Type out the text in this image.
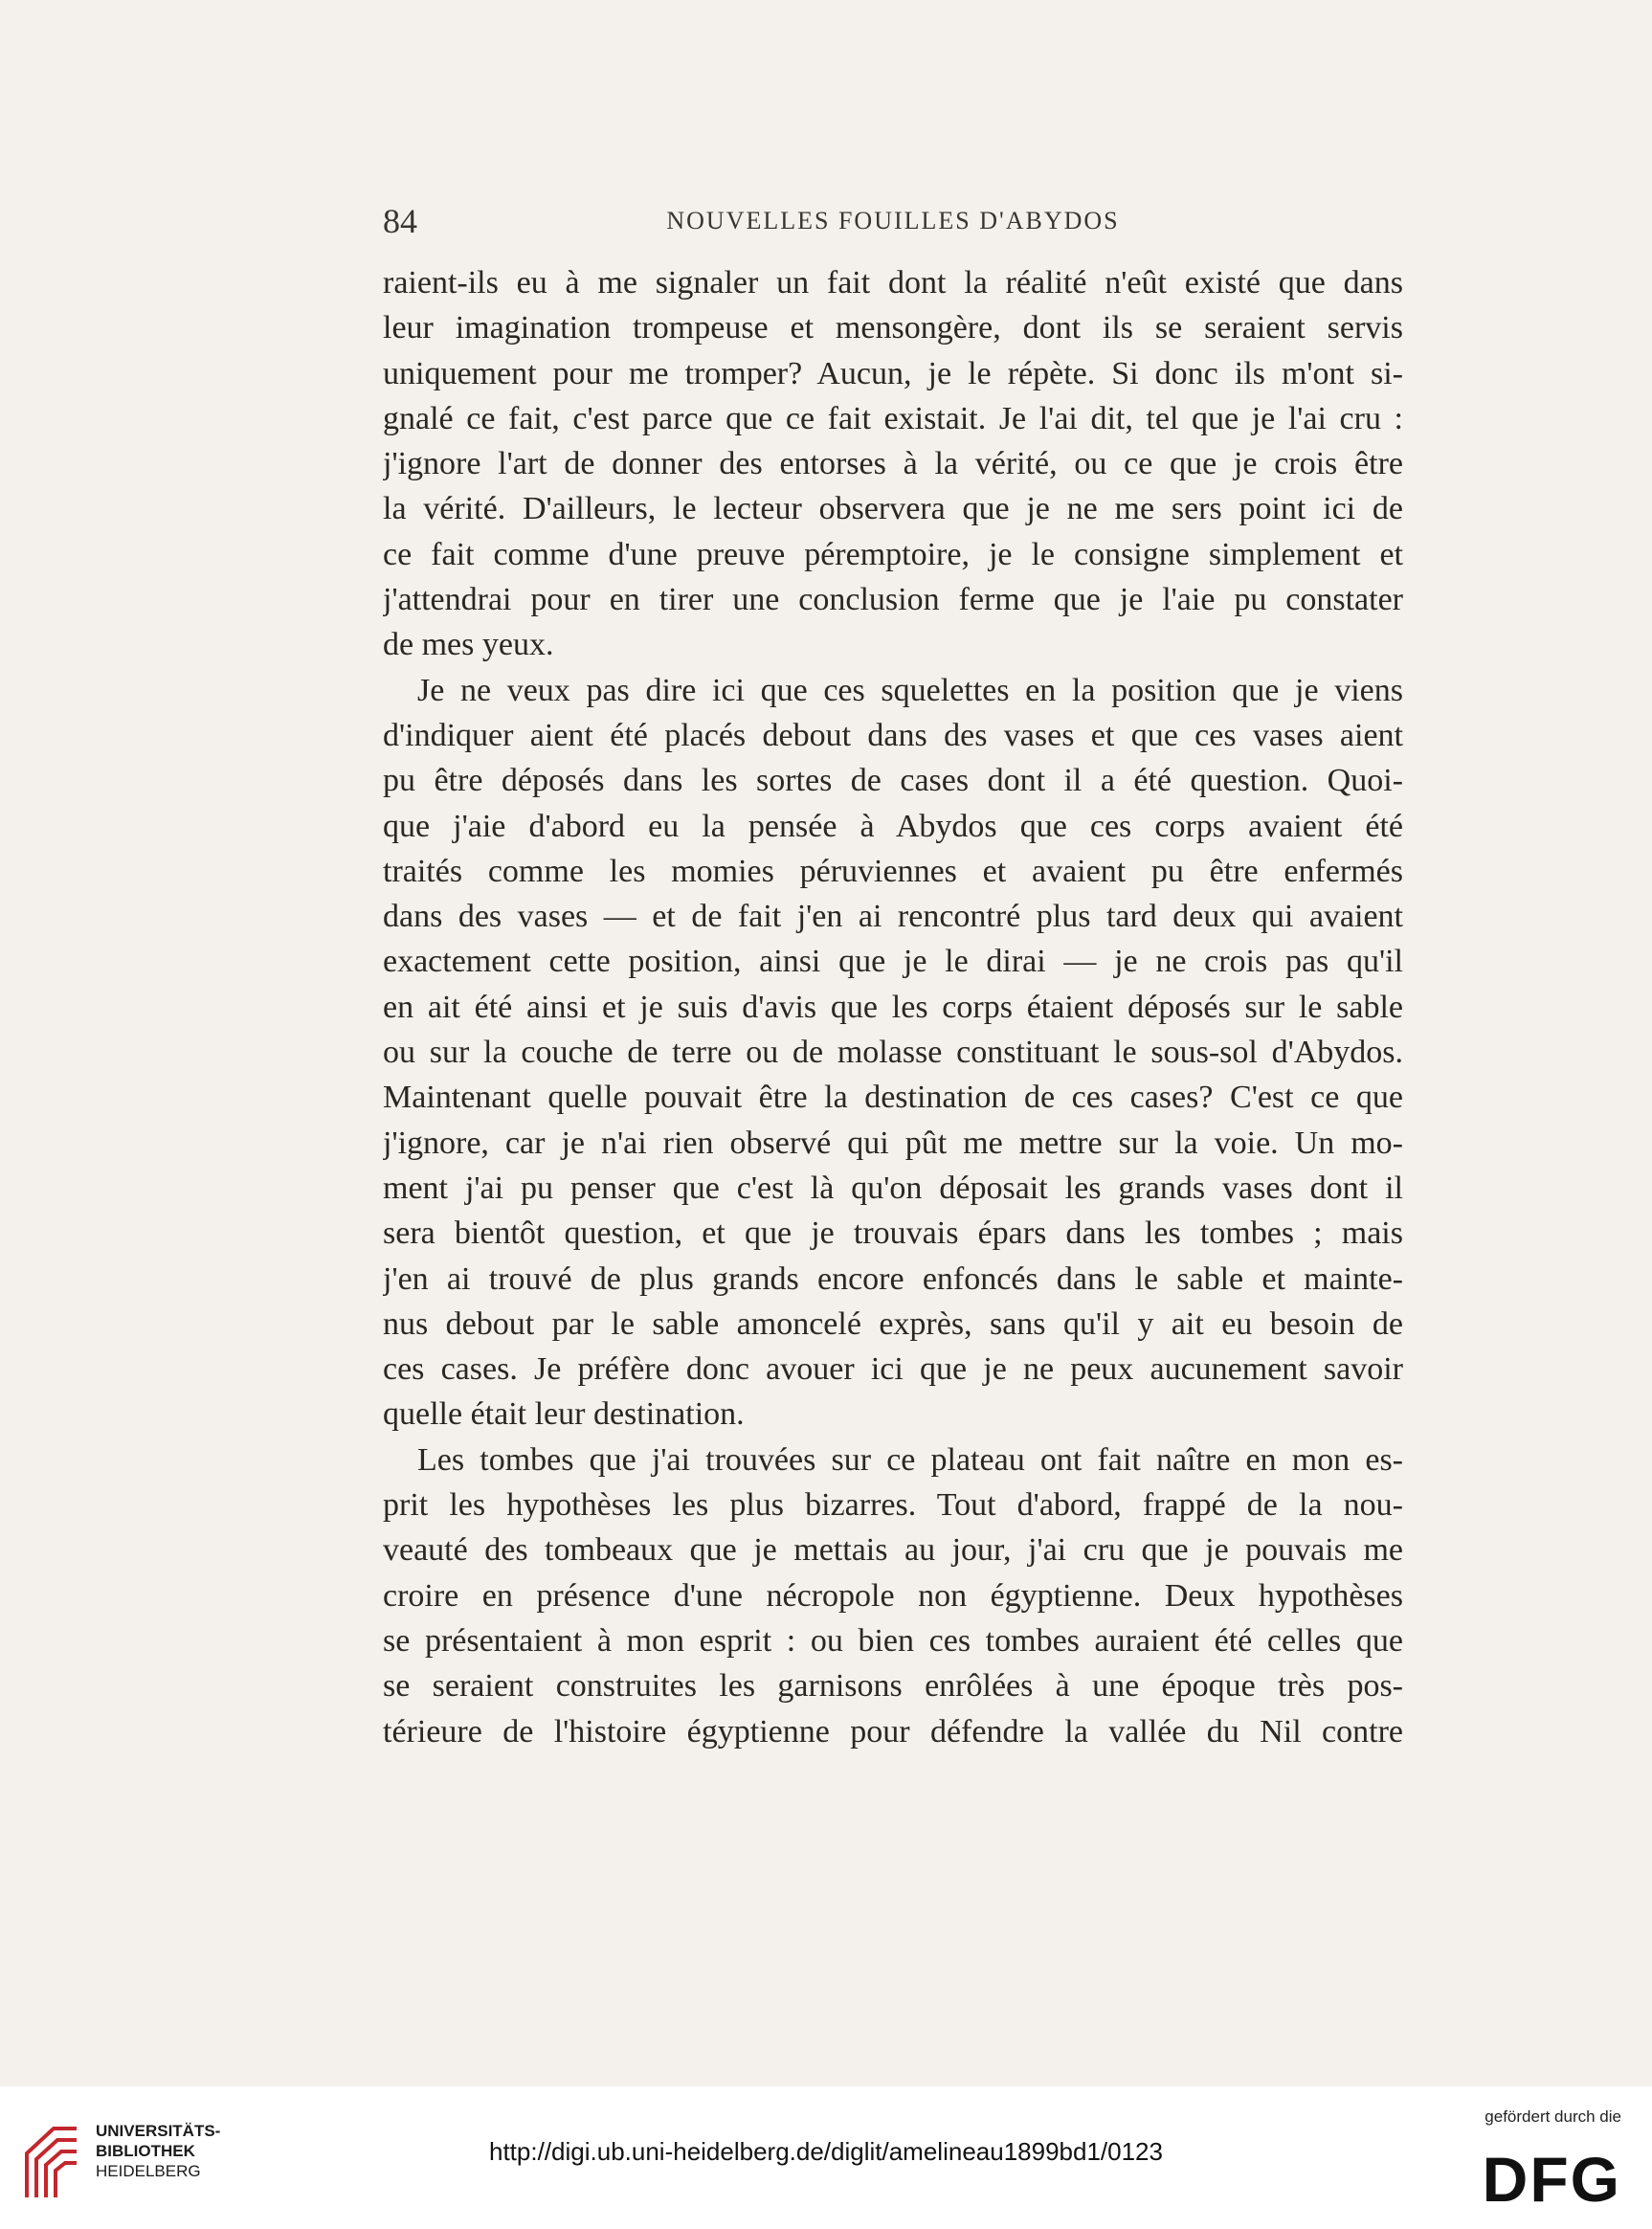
84	NOUVELLES FOUILLES D'ABYDOS
raient-ils eu à me signaler un fait dont la réalité n'eût existé que dans
leur imagination trompeuse et mensongère, dont ils se seraient servis
uniquement pour me tromper? Aucun, je le répète. Si donc ils m'ont si-
gnalé ce fait, c'est parce que ce fait existait. Je l'ai dit, tel que je l'ai cru :
j'ignore l'art de donner des entorses à la vérité, ou ce que je crois être
la vérité. D'ailleurs, le lecteur observera que je ne me sers point ici de
ce fait comme d'une preuve péremptoire, je le consigne simplement et
j'attendrai pour en tirer une conclusion ferme que je l'aie pu constater
de mes yeux.
Je ne veux pas dire ici que ces squelettes en la position que je viens
d'indiquer aient été placés debout dans des vases et que ces vases aient
pu être déposés dans les sortes de cases dont il a été question. Quoi-
que j'aie d'abord eu la pensée à Abydos que ces corps avaient été
traités comme les momies péruviennes et avaient pu être enfermés
dans des vases — et de fait j'en ai rencontré plus tard deux qui avaient
exactement cette position, ainsi que je le dirai — je ne crois pas qu'il
en ait été ainsi et je suis d'avis que les corps étaient déposés sur le sable
ou sur la couche de terre ou de molasse constituant le sous-sol d'Abydos.
Maintenant quelle pouvait être la destination de ces cases? C'est ce que
j'ignore, car je n'ai rien observé qui pût me mettre sur la voie. Un mo-
ment j'ai pu penser que c'est là qu'on déposait les grands vases dont il
sera bientôt question, et que je trouvais épars dans les tombes ; mais
j'en ai trouvé de plus grands encore enfoncés dans le sable et mainte-
nus debout par le sable amoncelé exprès, sans qu'il y ait eu besoin de
ces cases. Je préfère donc avouer ici que je ne peux aucunement savoir
quelle était leur destination.
Les tombes que j'ai trouvées sur ce plateau ont fait naître en mon es-
prit les hypothèses les plus bizarres. Tout d'abord, frappé de la nou-
veauté des tombeaux que je mettais au jour, j'ai cru que je pouvais me
croire en présence d'une nécropole non égyptienne. Deux hypothèses
se présentaient à mon esprit : ou bien ces tombes auraient été celles que
se seraient construites les garnisons enrôlées à une époque très pos-
térieure de l'histoire égyptienne pour défendre la vallée du Nil contre
UNIVERSITÄTS-
BIBLIOTHEK
HEIDELBERG
http://digi.ub.uni-heidelberg.de/diglit/amelineau1899bd1/0123
gefördert durch die
DFG
